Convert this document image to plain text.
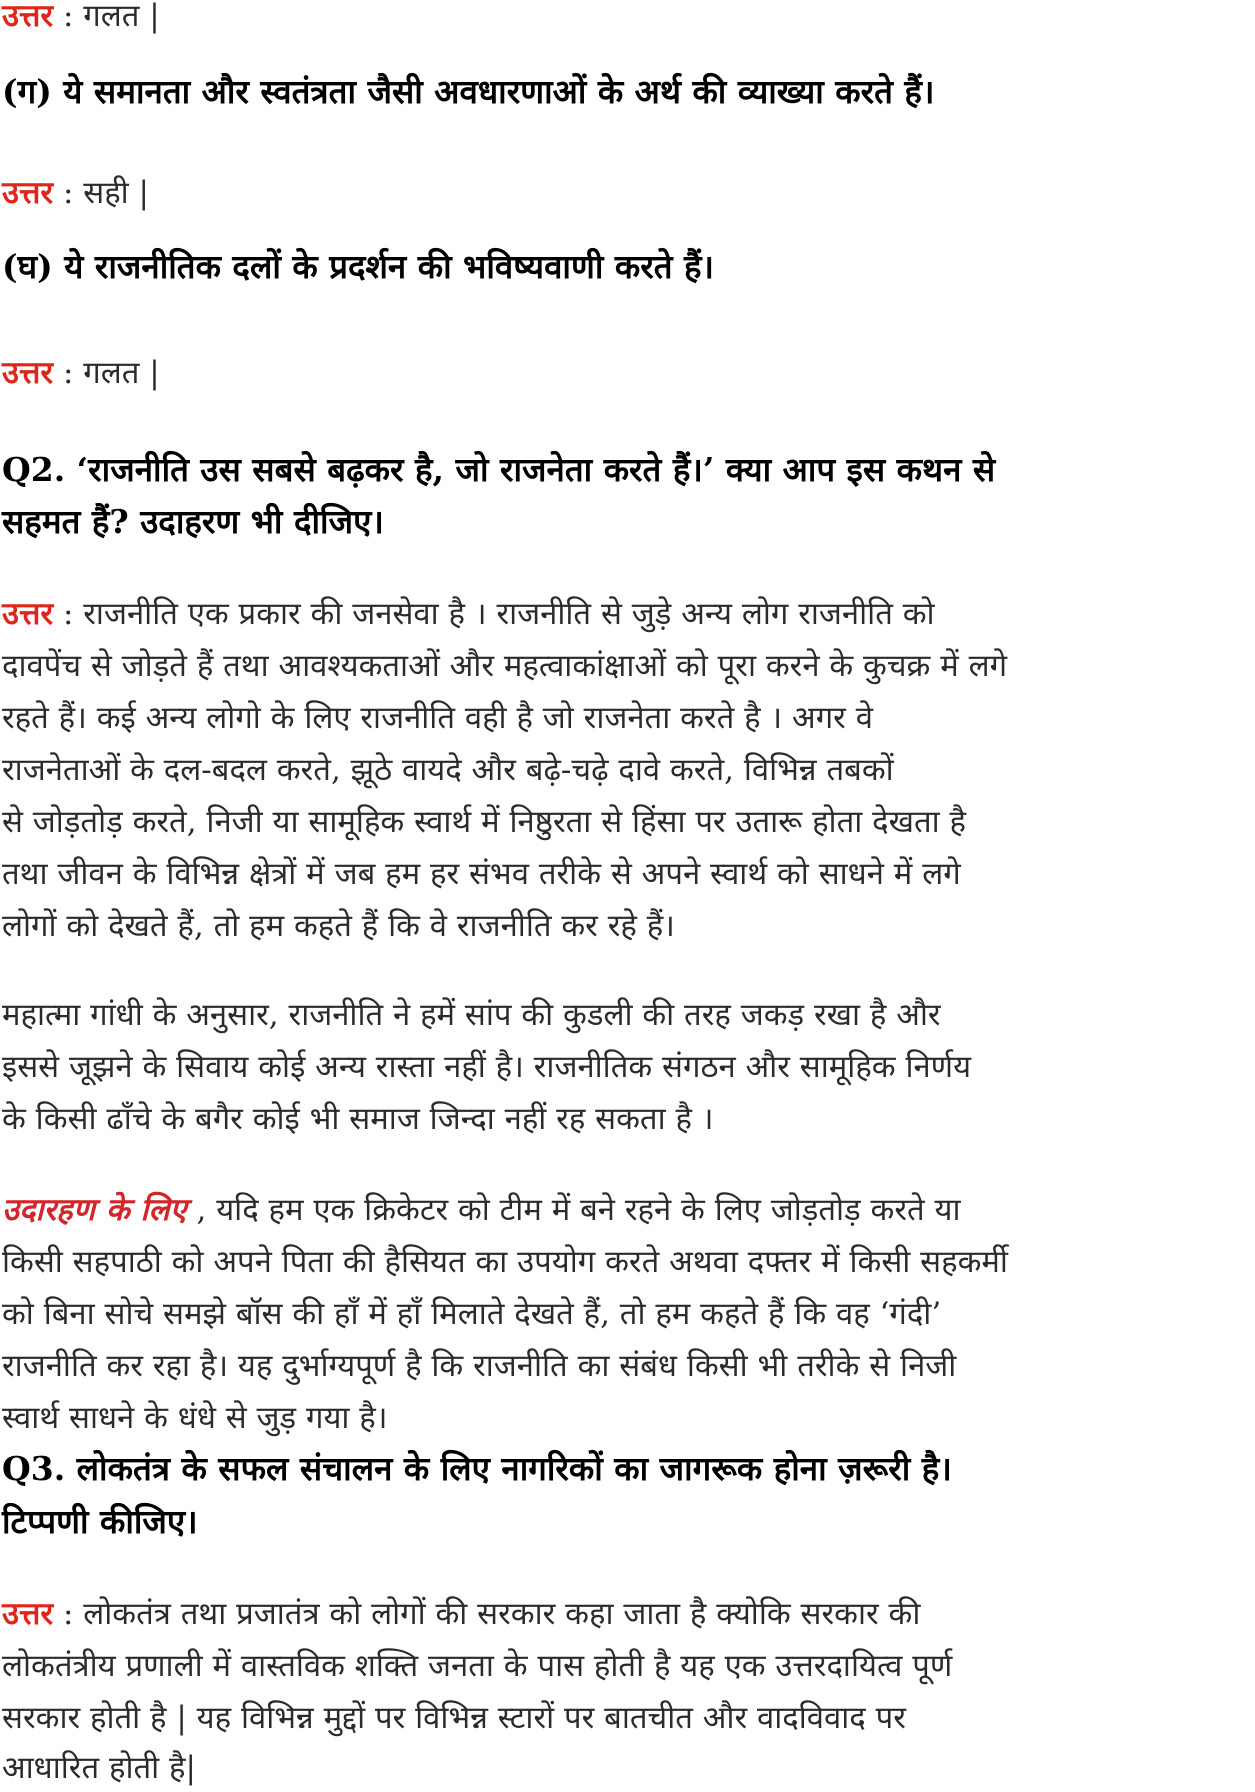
उत्तर : गलत |
(ग) ये समानता और स्वतंत्रता जैसी अवधारणाओं के अर्थ की व्याख्या करते हैं।
उत्तर : सही |
(घ) ये राजनीतिक दलों के प्रदर्शन की भविष्यवाणी करते हैं।
उत्तर : गलत |
Q2. ‘राजनीति उस सबसे बढ़कर है, जो राजनेता करते हैं।’ क्या आप इस कथन से
सहमत हैं? उदाहरण भी दीजिए।
उत्तर : राजनीति एक प्रकार की जनसेवा है । राजनीति से जुड़े अन्य लोग राजनीति को
दावपेंच से जोड़ते हैं तथा आवश्यकताओं और महत्वाकांक्षाओं को पूरा करने के कुचक्र में लगे
रहते हैं। कई अन्य लोगो के लिए राजनीति वही है जो राजनेता करते है । अगर वे
राजनेताओं के दल-बदल करते, झूठे वायदे और बढ़े-चढ़े दावे करते, विभिन्न तबकों
से जोड़तोड़ करते, निजी या सामूहिक स्वार्थ में निष्ठुरता से हिंसा पर उतारू होता देखता है
तथा जीवन के विभिन्न क्षेत्रों में जब हम हर संभव तरीके से अपने स्वार्थ को साधने में लगे
लोगों को देखते हैं, तो हम कहते हैं कि वे राजनीति कर रहे हैं।
महात्मा गांधी के अनुसार, राजनीति ने हमें सांप की कुडली की तरह जकड़ रखा है और
इससे जूझने के सिवाय कोई अन्य रास्ता नहीं है। राजनीतिक संगठन और सामूहिक निर्णय
के किसी ढाँचे के बगैर कोई भी समाज जिन्दा नहीं रह सकता है ।
उदारहण के लिए , यदि हम एक क्रिकेटर को टीम में बने रहने के लिए जोड़तोड़ करते या
किसी सहपाठी को अपने पिता की हैसियत का उपयोग करते अथवा दफ्तर में किसी सहकर्मी
को बिना सोचे समझे बॉस की हाँ में हाँ मिलाते देखते हैं, तो हम कहते हैं कि वह ‘गंदी’
राजनीति कर रहा है। यह दुर्भाग्यपूर्ण है कि राजनीति का संबंध किसी भी तरीके से निजी
स्वार्थ साधने के धंधे से जुड़ गया है।
Q3. लोकतंत्र के सफल संचालन के लिए नागरिकों का जागरूक होना ज़रूरी है।
टिप्पणी कीजिए।
उत्तर : लोकतंत्र तथा प्रजातंत्र को लोगों की सरकार कहा जाता है क्योकि सरकार की
लोकतंत्रीय प्रणाली में वास्तविक शक्ति जनता के पास होती है यह एक उत्तरदायित्व पूर्ण
सरकार होती है | यह विभिन्न मुद्दों पर विभिन्न स्टारों पर बातचीत और वादविवाद पर
आधारित होती है|
